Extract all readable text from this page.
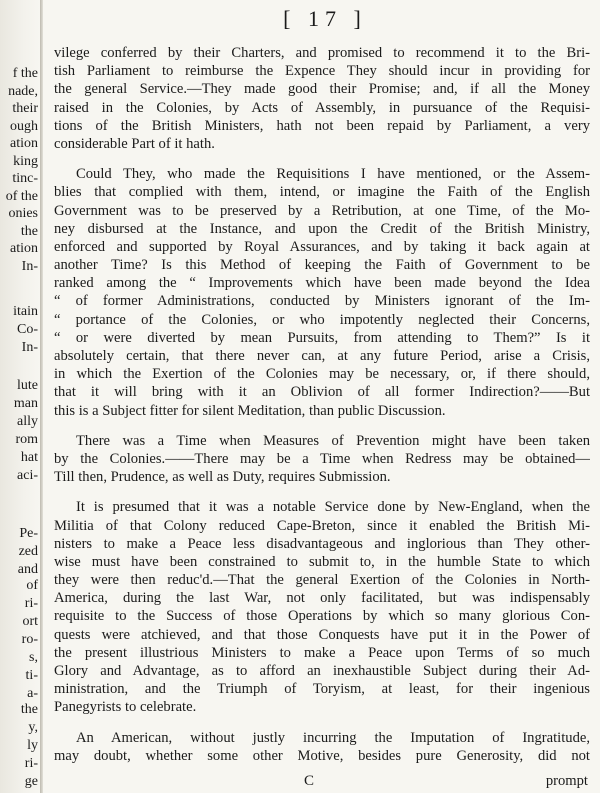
f the
nade,
their
ough
ation
king
tinc-
of the
onies
the
ation
In-
itain
Co-
In-
lute
man
ally
rom
hat
aci-
Pe-
zed
and
of
ri-
ort
ro-
s,
ti-
a-
the
y,
ly
ri-
ge
[ 17 ]
vilege conferred by their Charters, and promised to recommend it to the Bri-
tish Parliament to reimburse the Expence They should incur in providing for
the general Service.—They made good their Promise; and, if all the Money
raised in the Colonies, by Acts of Assembly, in pursuance of the Requisi-
tions of the British Ministers, hath not been repaid by Parliament, a very
considerable Part of it hath.
Could They, who made the Requisitions I have mentioned, or the Assem-
blies that complied with them, intend, or imagine the Faith of the English
Government was to be preserved by a Retribution, at one Time, of the Mo-
ney disbursed at the Instance, and upon the Credit of the British Ministry,
enforced and supported by Royal Assurances, and by taking it back again at
another Time? Is this Method of keeping the Faith of Government to be
ranked among the “ Improvements which have been made beyond the Idea
“ of former Administrations, conducted by Ministers ignorant of the Im-
“ portance of the Colonies, or who impotently neglected their Concerns,
“ or were diverted by mean Pursuits, from attending to Them?” Is it
absolutely certain, that there never can, at any future Period, arise a Crisis,
in which the Exertion of the Colonies may be necessary, or, if there should,
that it will bring with it an Oblivion of all former Indirection?——But
this is a Subject fitter for silent Meditation, than public Discussion.
There was a Time when Measures of Prevention might have been taken
by the Colonies.——There may be a Time when Redress may be obtained—
Till then, Prudence, as well as Duty, requires Submission.
It is presumed that it was a notable Service done by New-England, when the
Militia of that Colony reduced Cape-Breton, since it enabled the British Mi-
nisters to make a Peace less disadvantageous and inglorious than They other-
wise must have been constrained to submit to, in the humble State to which
they were then reduc'd.—That the general Exertion of the Colonies in North-
America, during the last War, not only facilitated, but was indispensably
requisite to the Success of those Operations by which so many glorious Con-
quests were atchieved, and that those Conquests have put it in the Power of
the present illustrious Ministers to make a Peace upon Terms of so much
Glory and Advantage, as to afford an inexhaustible Subject during their Ad-
ministration, and the Triumph of Toryism, at least, for their ingenious
Panegyrists to celebrate.
An American, without justly incurring the Imputation of Ingratitude,
may doubt, whether some other Motive, besides pure Generosity, did not
C	prompt
